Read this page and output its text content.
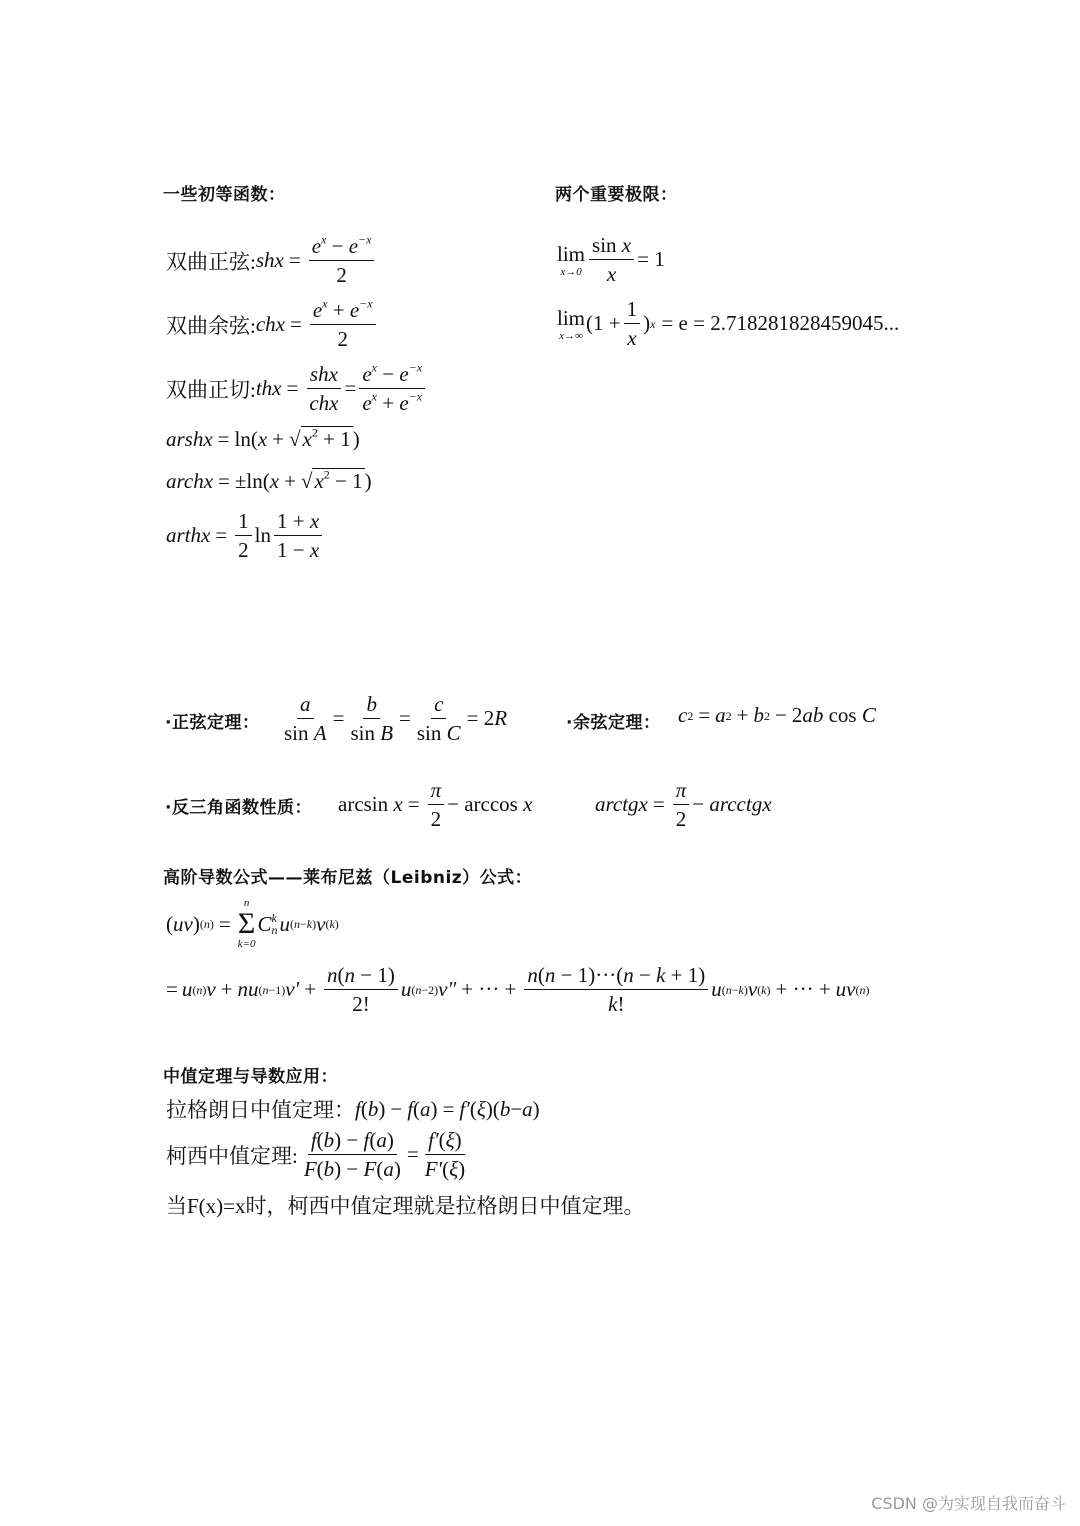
一些初等函数：	两个重要极限：
双曲正弦: shx = $\frac{e^x - e^{-x}}{2}$
双曲余弦: chx = $\frac{e^x + e^{-x}}{2}$
双曲正切: thx =
shx
chx
= $\frac{e^x - e^{-x}}{e^x + e^{-x}}$
arshx = ln( x + √ $x^2 + 1$ )
archx = ±ln( x + √ $x^2 - 1$ )
arthx = $\frac{1}{2}$ ln
1 + x
1 − x
lim
$x\to 0 \frac{\text{sin x}}{x} = 1$
lim
x→∞
($1 + \frac{1}{x}$ ) x = e = 2.718281828459045...
·正弦定理： $\frac{a}{\text{sin A}} = \frac{b}{\text{sin B}} = \frac{c}{\text{sin C}} = 2R$	·余弦定理： c 2 = a 2 + b 2 − 2ab cos C
·反三角函数性质： $\arcsin x = \frac{\pi}{2} - \arccos x$	arctgx = $\frac{\pi}{2}$ − arcctgx
高阶导数公式——莱布尼兹（Leibniz）公式：
(uv) (n) =
n
Σ
k=0
C k
n u (n−k) v (k)
= u (n) v + nu (n−1) $v' + \frac{n(n - 1)}{2!}$ u (n−2) v″ + ··· + $\frac{n(n - 1)\cdot\cdot\cdot(n - k + 1)}{k!}$ u (n−k) v (k) + ··· + uv (n)
中值定理与导数应用：
拉格朗日中值定理： f ( b ) − f ( a ) = f′ ( ξ )( b − a )
柯西中值定理: $\frac{f(b) - f(a)}{F(b) - F(a)} = \frac{f'(\xi)}{F'(\xi)}$
当F(x)=x时， 柯西中值定理就是拉格朗日中值定理。
CSDN @为实现自我而奋斗
